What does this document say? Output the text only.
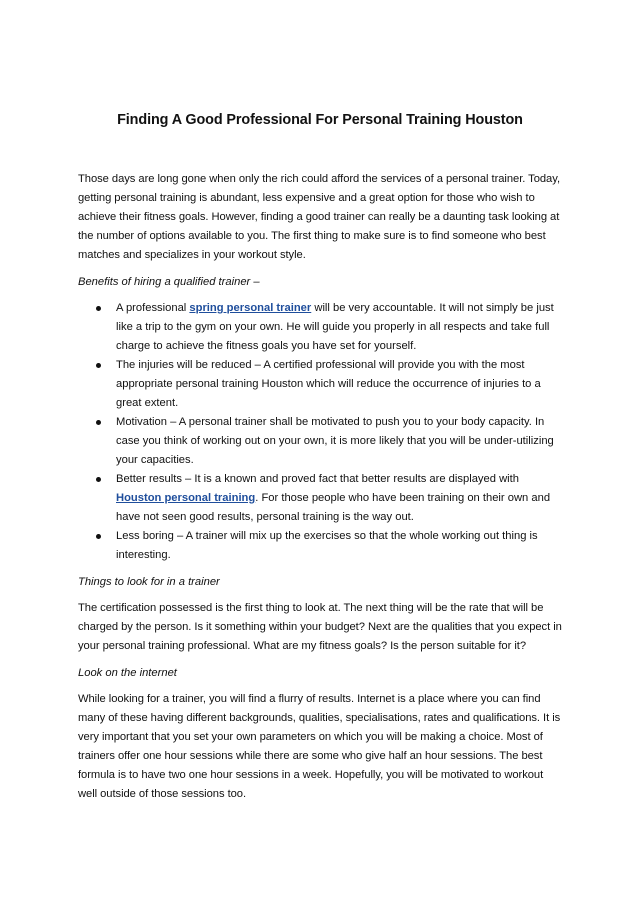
Finding A Good Professional For Personal Training Houston

Those days are long gone when only the rich could afford the services of a personal trainer. Today, getting personal training is abundant, less expensive and a great option for those who wish to achieve their fitness goals. However, finding a good trainer can really be a daunting task looking at the number of options available to you. The first thing to make sure is to find someone who best matches and specializes in your workout style.

Benefits of hiring a qualified trainer –

A professional spring personal trainer will be very accountable. It will not simply be just like a trip to the gym on your own. He will guide you properly in all respects and take full charge to achieve the fitness goals you have set for yourself.
The injuries will be reduced – A certified professional will provide you with the most appropriate personal training Houston which will reduce the occurrence of injuries to a great extent.
Motivation – A personal trainer shall be motivated to push you to your body capacity. In case you think of working out on your own, it is more likely that you will be under-utilizing your capacities.
Better results – It is a known and proved fact that better results are displayed with Houston personal training. For those people who have been training on their own and have not seen good results, personal training is the way out.
Less boring – A trainer will mix up the exercises so that the whole working out thing is interesting.

Things to look for in a trainer

The certification possessed is the first thing to look at. The next thing will be the rate that will be charged by the person. Is it something within your budget? Next are the qualities that you expect in your personal training professional. What are my fitness goals? Is the person suitable for it?

Look on the internet

While looking for a trainer, you will find a flurry of results. Internet is a place where you can find many of these having different backgrounds, qualities, specialisations, rates and qualifications. It is very important that you set your own parameters on which you will be making a choice. Most of trainers offer one hour sessions while there are some who give half an hour sessions. The best formula is to have two one hour sessions in a week. Hopefully, you will be motivated to workout well outside of those sessions too.
